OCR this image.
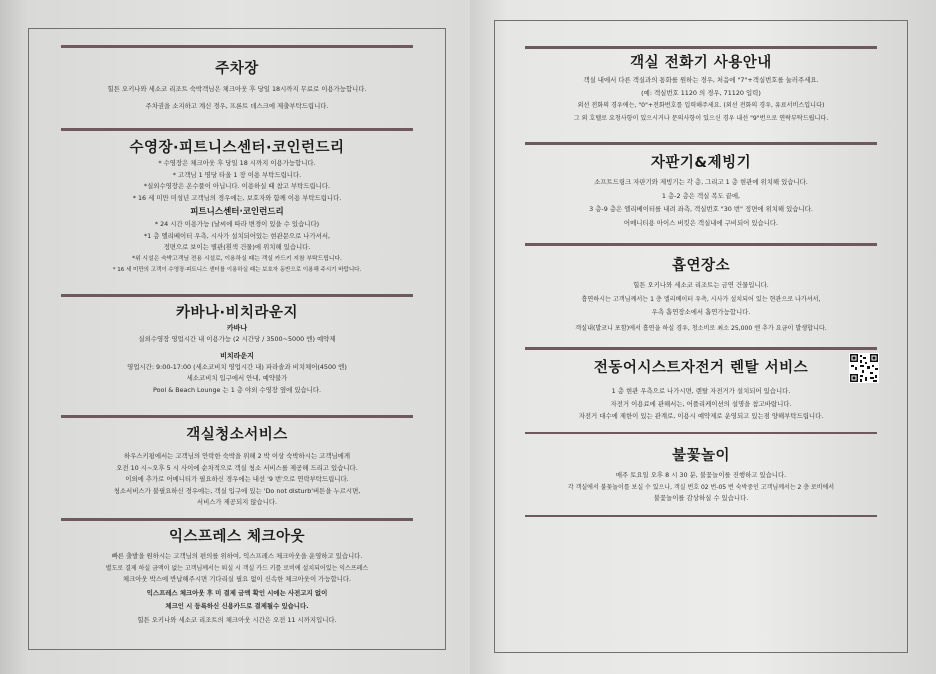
주차장
힐튼 오키나와 세소코 리조트 숙박객님은 체크아웃 후 당일 18시까지 무료로 이용가능합니다.
주차권을 소지하고 계신 경우, 프론트 데스크에 제출부탁드립니다.
수영장·피트니스센터·코인런드리
* 수영장은 체크아웃 후 당일 18 시까지 이용가능합니다.
* 고객님 1 명당 타올 1 장 이용 부탁드립니다.
*실외수영장은 온수풀이 아닙니다. 이용하실 때 참고 부탁드립니다.
* 16 세 미만 미성년 고객님의 경우에는, 보호자와 함께 이용 부탁드립니다.
피트니스센터·코인런드리
* 24 시간 이용가능 (날씨에 따라 변경이 있을 수 있습니다)
*1 층 엘리베이터 우측, 시사가 설치되어있는 현관문으로 나가셔서,
정면으로 보이는 별관(흰색 건물)에 위치해 있습니다.
*위 시설은 숙박고객님 전용 시설로, 이용하실 때는 객실 카드키 지참 부탁드립니다.
* 16 세 미만의 고객이 수영장·피트니스 센터를 이용하실 때는 보호자 동반으로 이용해 주시기 바랍니다.
카바나·비치라운지
카바나
실외수영장 영업시간 내 이용가능 (2 시간당 / 3500~5000 엔) 예약제
비치라운지
영업시간: 9:00-17:00 (세소코비치 영업시간 내) 파라솔과 비치체어(4500 엔)
세소코비치 입구에서 안내, 예약불가
Pool & Beach Lounge 는 1 층 야외 수영장 옆에 있습니다.
객실청소서비스
하우스키핑에서는 고객님의 안락한 숙박을 위해 2 박 이상 숙박하시는 고객님에게
오전 10 시~오후 5 시 사이에 순차적으로 객실 청소 서비스를 제공해 드리고 있습니다.
이외에 추가로 어메니티가 필요하신 경우에는 내선 '9 번'으로 연락부탁드립니다.
청소서비스가 불필요하신 경우에는, 객실 입구에 있는 'Do not disturb'버튼을 누르시면,
서비스가 제공되지 않습니다.
익스프레스 체크아웃
빠른 출발을 원하시는 고객님의 편의를 위하여, 익스프레스 체크아웃을 운영하고 있습니다.
별도로 결제 하실 금액이 없는 고객님께서는 퇴실 시 객실 카드 키를 로비에 설치되어있는 익스프레스
체크아웃 박스에 반납해주시면 기다리실 필요 없이 신속한 체크아웃이 가능합니다.
익스프레스 체크아웃 후 미 결제 금액 확인 시에는 사전고지 없이
체크인 시 등록하신 신용카드로 결제될수 있습니다.
힐튼 오키나와 세소코 리조트의 체크아웃 시간은 오전 11 시까지입니다.
객실 전화기 사용안내
객실 내에서 다른 객실과의 통화를 원하는 경우, 처음에 "7"+객실번호를 눌러주세요.
(예: 객실번호 1120 의 경우, 71120 입력)
외선 전화의 경우에는, "0"+전화번호를 입력해주세요. (외선 전화의 경우, 유료서비스입니다)
그 외 호텔로 요청사항이 있으시거나 문의사항이 있으신 경우 내선 "9"번으로 연락부탁드립니다.
자판기&제빙기
소프트드링크 자판기와 제빙기는 각 층, 그리고 1 층 현관에 위치해 있습니다.
1 층-2 층은 객실 복도 끝에,
3 층-9 층은 엘리베이터를 내려 좌측, 객실번호 "30 번" 정면에 위치해 있습니다.
어메니티용 아이스 버킷은 객실내에 구비되어 있습니다.
흡연장소
힐튼 오키나와 세소코 리조트는 금연 건물입니다.
흡연하시는 고객님께서는 1 층 엘리베이터 우측, 시사가 설치되어 있는 현관으로 나가셔서,
우측 흡연장소에서 흡연가능합니다.
객실내(발코니 포함)에서 흡연을 하실 경우, 청소비로 최소 25,000 엔 추가 요금이 발생합니다.
전동어시스트자전거 렌탈 서비스
1 층 현관 우측으로 나가시면, 렌탈 자전거가 설치되어 있습니다.
자전거 이용료에 관해서는, 어플리케이션의 설명을 참고바랍니다.
자전거 대수에 제한이 있는 관계로, 이용시 예약제로 운영되고 있는점 양해부탁드립니다.
불꽃놀이
매주 토요일 오후 8 시 30 분, 불꽃놀이를 진행하고 있습니다.
각 객실에서 불꽃놀이를 보실 수 있으나, 객실 번호 02 번-05 번 숙박중인 고객님께서는 2 층 로비에서
불꽃놀이를 감상하실 수 있습니다.
